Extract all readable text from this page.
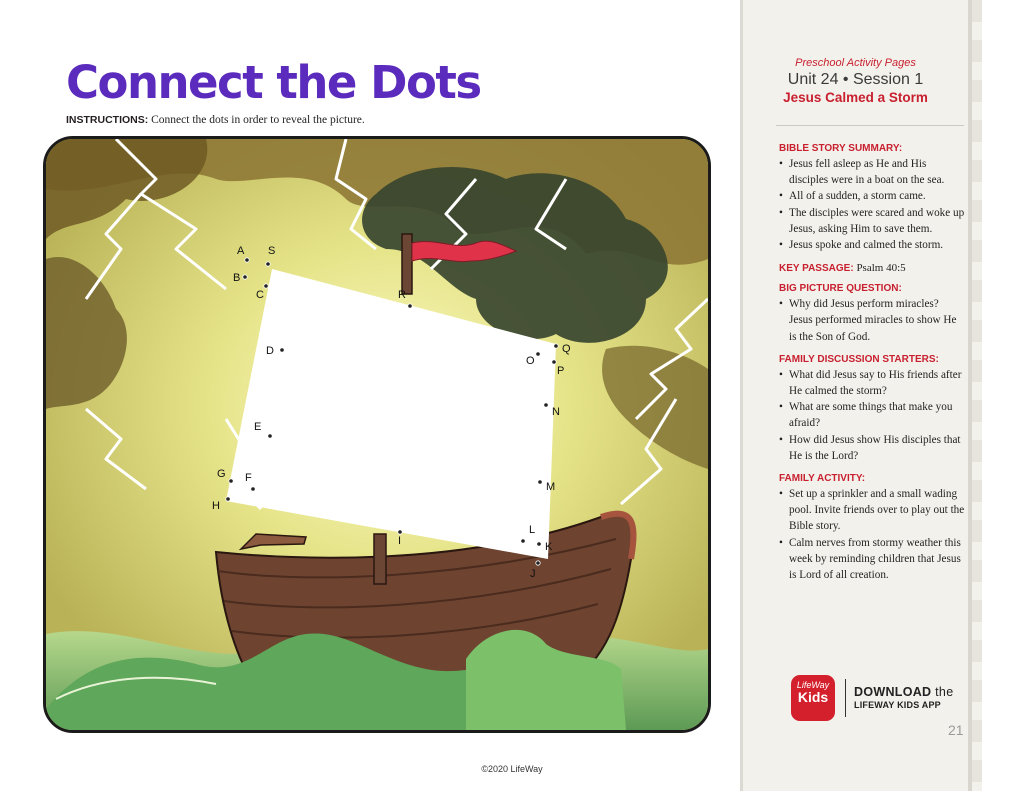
Connect the Dots
INSTRUCTIONS: Connect the dots in order to reveal the picture.
A
B
C
D
E
F
G
H
I
J
K
L
M
N
O
P
Q
R
S
©2020 LifeWay
Preschool Activity Pages
Unit 24 • Session 1
Jesus Calmed a Storm
BIBLE STORY SUMMARY:
• Jesus fell asleep as He and His disciples were in a boat on the sea.
• All of a sudden, a storm came.
• The disciples were scared and woke up Jesus, asking Him to save them.
• Jesus spoke and calmed the storm.
KEY PASSAGE: Psalm 40:5
BIG PICTURE QUESTION:
• Why did Jesus perform miracles?

Jesus performed miracles to show He is the Son of God.

FAMILY DISCUSSION STARTERS:
• What did Jesus say to His friends after He calmed the storm?
• What are some things that make you afraid?
• How did Jesus show His disciples that He is the Lord?
FAMILY ACTIVITY:
• Set up a sprinkler and a small wading pool. Invite friends over to play out the Bible story.
• Calm nerves from stormy weather this week by reminding children that Jesus is Lord of all creation.
LifeWay
Kids	DOWNLOAD the
LIFEWAY KIDS APP
21
